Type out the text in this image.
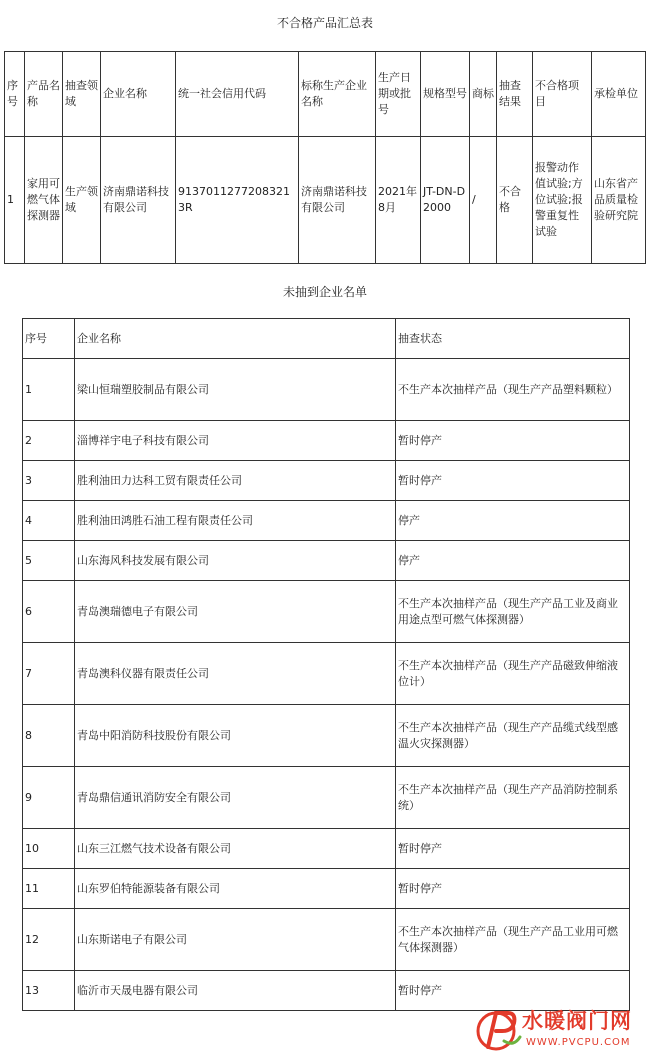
不合格产品汇总表
序号	产品名称	抽查领域	企业名称	统一社会信用代码	标称生产企业名称	生产日期或批号	规格型号	商标	抽查结果	不合格项目	承检单位
1	家用可燃气体探测器	生产领域	济南鼎诺科技有限公司	91370112772083213R	济南鼎诺科技有限公司	2021年8月	JT-DN-D2000	/	不合格	报警动作值试验;方位试验;报警重复性试验	山东省产品质量检验研究院
未抽到企业名单
序号	企业名称	抽查状态
1	梁山恒瑞塑胶制品有限公司	不生产本次抽样产品（现生产产品塑料颗粒）
2	淄博祥宇电子科技有限公司	暂时停产
3	胜利油田力达科工贸有限责任公司	暂时停产
4	胜利油田鸿胜石油工程有限责任公司	停产
5	山东海风科技发展有限公司	停产
6	青岛澳瑞德电子有限公司	不生产本次抽样产品（现生产产品工业及商业用途点型可燃气体探测器）
7	青岛澳科仪器有限责任公司	不生产本次抽样产品（现生产产品磁致伸缩液位计）
8	青岛中阳消防科技股份有限公司	不生产本次抽样产品（现生产产品缆式线型感温火灾探测器）
9	青岛鼎信通讯消防安全有限公司	不生产本次抽样产品（现生产产品消防控制系统）
10	山东三江燃气技术设备有限公司	暂时停产
11	山东罗伯特能源装备有限公司	暂时停产
12	山东斯诺电子有限公司	不生产本次抽样产品（现生产产品工业用可燃气体探测器）
13	临沂市天晟电器有限公司	暂时停产
水暖阀门网
WWW.PVCPU.COM
